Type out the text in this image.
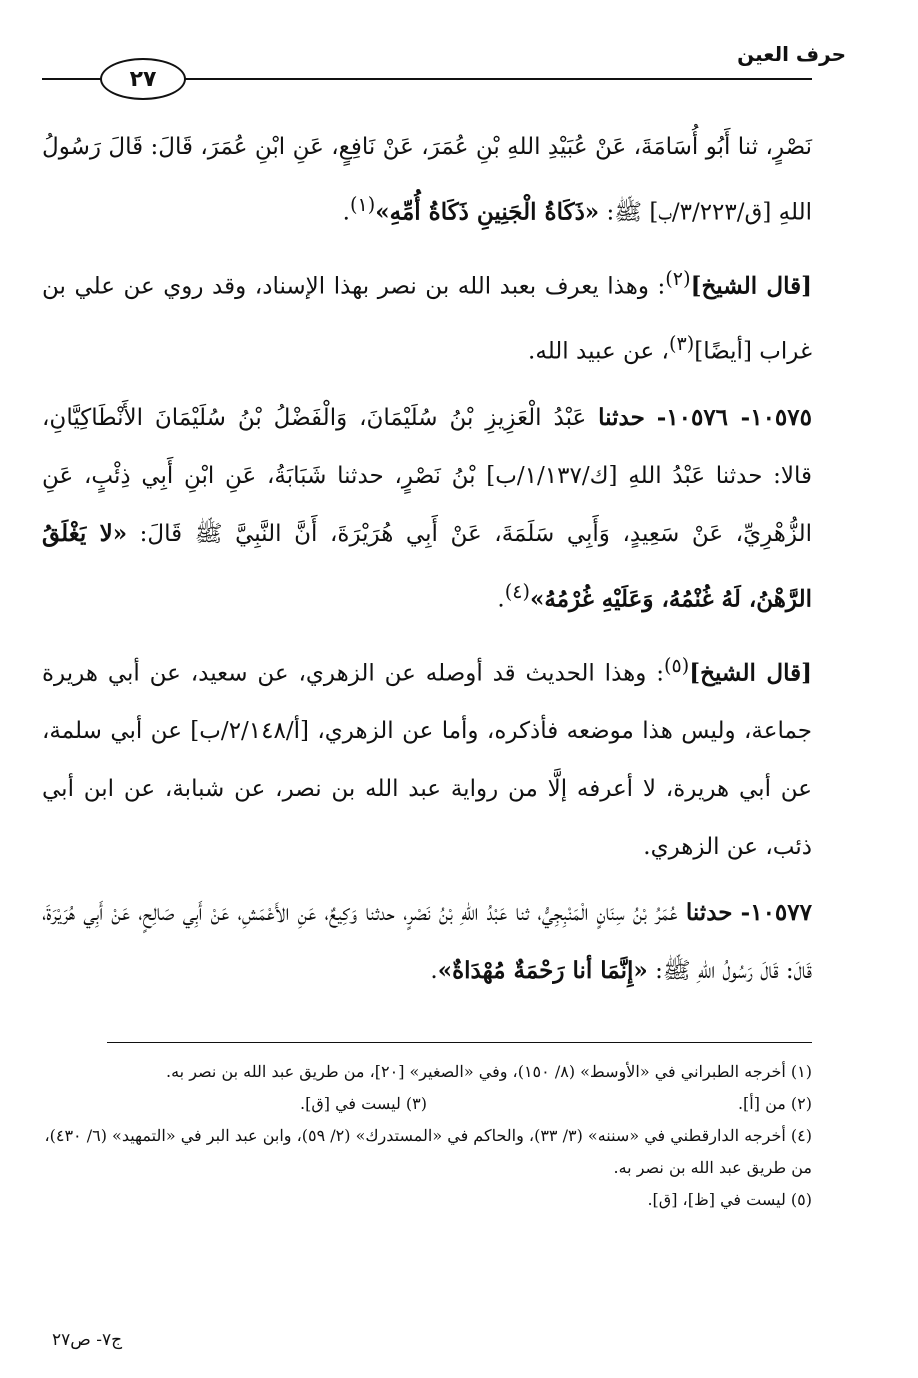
حرف العين
٢٧

نَصْرٍ، ثنا أَبُو أُسَامَةَ، عَنْ عُبَيْدِ اللهِ بْنِ عُمَرَ، عَنْ نَافِعٍ، عَنِ ابْنِ عُمَرَ، قَالَ: قَالَ رَسُولُ اللهِ [ق/٣/٢٢٣/ب] ﷺ: «ذَكَاةُ الْجَنِينِ ذَكَاةُ أُمِّهِ»$^{(١)}$.

[قال الشيخ]$^{(٢)}$: وهذا يعرف بعبد الله بن نصر بهذا الإسناد، وقد روي عن علي بن غراب [أيضًا]$^{(٣)}$، عن عبيد الله.

١٠٥٧٥- ١٠٥٧٦- حدثنا عَبْدُ الْعَزِيزِ بْنُ سُلَيْمَانَ، وَالْفَضْلُ بْنُ سُلَيْمَانَ الأَنْطَاكِيَّانِ، قالا: حدثنا عَبْدُ اللهِ [ك/١/١٣٧/ب] بْنُ نَصْرٍ، حدثنا شَبَابَةُ، عَنِ ابْنِ أَبِي ذِئْبٍ، عَنِ الزُّهْرِيِّ، عَنْ سَعِيدٍ، وَأَبِي سَلَمَةَ، عَنْ أَبِي هُرَيْرَةَ، أَنَّ النَّبِيَّ ﷺ قَالَ: «لا يَغْلَقُ الرَّهْنُ، لَهُ غُنْمُهُ، وَعَلَيْهِ غُرْمُهُ»$^{(٤)}$.

[قال الشيخ]$^{(٥)}$: وهذا الحديث قد أوصله عن الزهري، عن سعيد، عن أبي هريرة جماعة، وليس هذا موضعه فأذكره، وأما عن الزهري، [أ/٢/١٤٨/ب] عن أبي سلمة، عن أبي هريرة، لا أعرفه إلَّا من رواية عبد الله بن نصر، عن شبابة، عن ابن أبي ذئب، عن الزهري.

١٠٥٧٧- حدثنا عُمَرُ بْنُ سِنَانٍ الْمَنْبِجِيُّ، ثنا عَبْدُ اللهِ بْنُ نَصْرٍ، حدثنا وَكِيعٌ، عَنِ الأَعْمَشِ، عَنْ أَبِي صَالِحٍ، عَنْ أَبِي هُرَيْرَةَ، قَالَ: قَالَ رَسُولُ اللهِ ﷺ: «إِنَّمَا أنا رَحْمَةٌ مُهْدَاةٌ».

(١) أخرجه الطبراني في «الأوسط» (٨/ ١٥٠)، وفي «الصغير» [٢٠]، من طريق عبد الله بن نصر به.

(٢) من [أ].

(٣) ليست في [ق].

(٤) أخرجه الدارقطني في «سننه» (٣/ ٣٣)، والحاكم في «المستدرك» (٢/ ٥٩)، وابن عبد البر في «التمهيد» (٦/ ٤٣٠)، من طريق عبد الله بن نصر به.

(٥) ليست في [ظ]، [ق].

ج٧- ص٢٧
